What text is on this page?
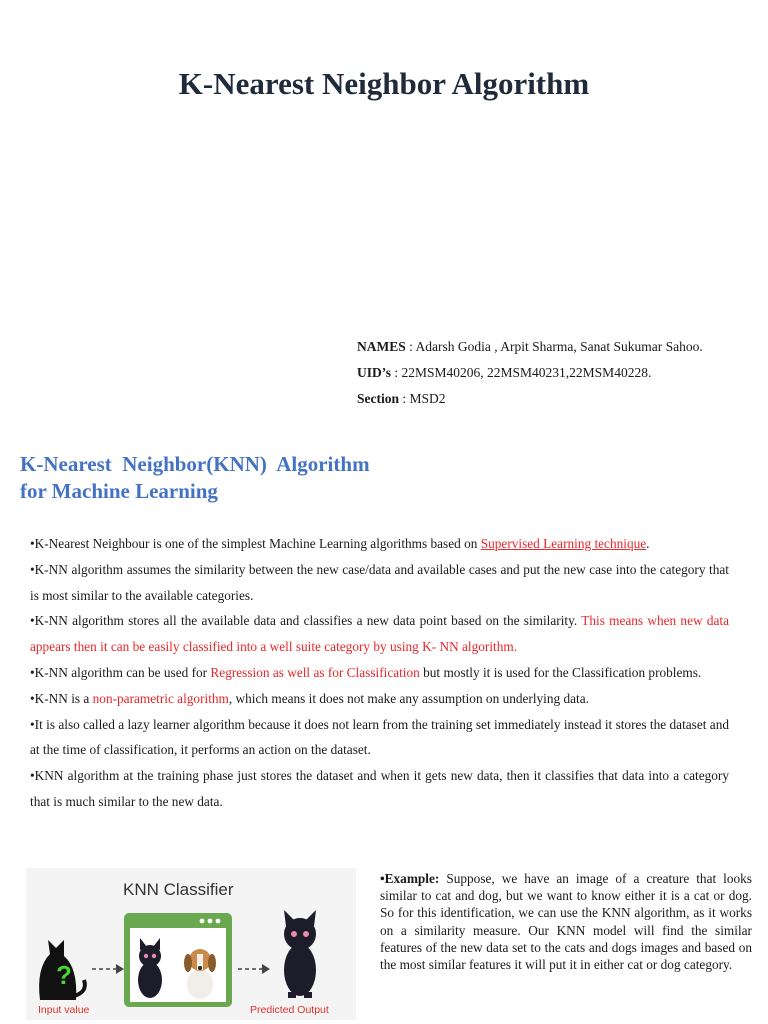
K-Nearest Neighbor Algorithm
NAMES : Adarsh Godia , Arpit Sharma, Sanat Sukumar Sahoo.
UID’s : 22MSM40206, 22MSM40231,22MSM40228.
Section : MSD2
K-Nearest  Neighbor(KNN)  Algorithm
for Machine Learning

•K-Nearest Neighbour is one of the simplest Machine Learning algorithms based on Supervised Learning technique.

•K-NN algorithm assumes the similarity between the new case/data and available cases and put the new case into the category that is most similar to the available categories.

•K-NN algorithm stores all the available data and classifies a new data point based on the similarity. This means when new data appears then it can be easily classified into a well suite category by using K- NN algorithm.

•K-NN algorithm can be used for Regression as well as for Classification but mostly it is used for the Classification problems.

•K-NN is a non-parametric algorithm, which means it does not make any assumption on underlying data.

•It is also called a lazy learner algorithm because it does not learn from the training set immediately instead it stores the dataset and at the time of classification, it performs an action on the dataset.

•KNN algorithm at the training phase just stores the dataset and when it gets new data, then it classifies that data into a category that is much similar to the new data.

KNN Classifier
?
Input value	Predicted Output
•Example: Suppose, we have an image of a creature that looks similar to cat and dog, but we want to know either it is a cat or dog. So for this identification, we can use the KNN algorithm, as it works on a similarity measure. Our KNN model will find the similar features of the new data set to the cats and dogs images and based on the most similar features it will put it in either cat or dog category.
